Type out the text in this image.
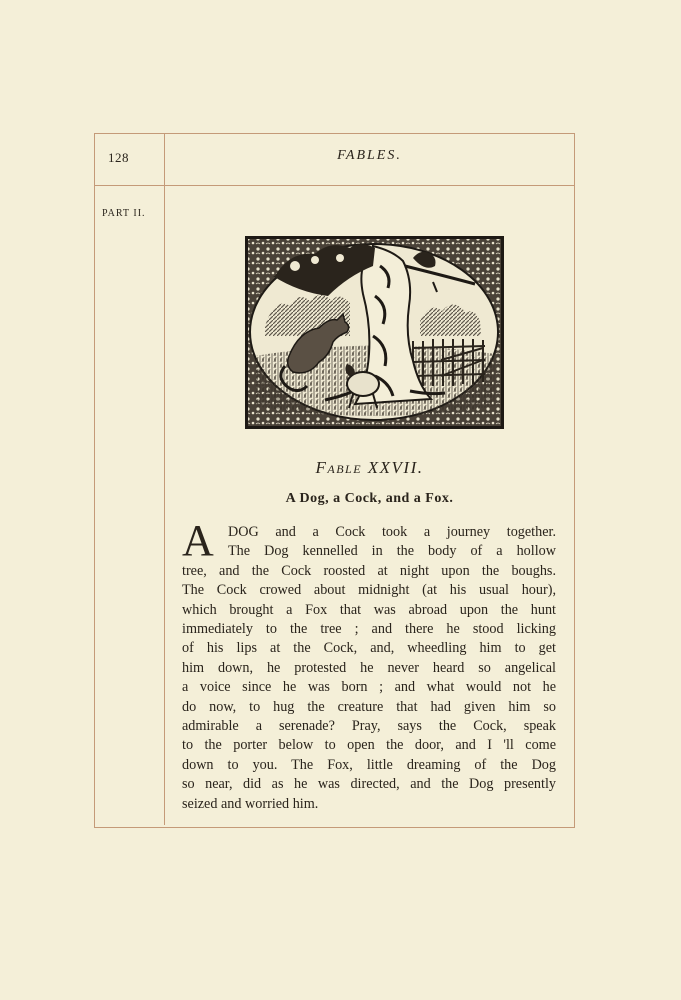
128	FABLES.
PART II.
FABLE XXVII.
A Dog, a Cock, and a Fox.
A	DOG and a Cock took a journey together.
The Dog kennelled in the body of a hollow
tree, and the Cock roosted at night upon the boughs.
The Cock crowed about midnight (at his usual hour),
which brought a Fox that was abroad upon the hunt
immediately to the tree ; and there he stood licking
of his lips at the Cock, and, wheedling him to get
him down, he protested he never heard so angelical
a voice since he was born ; and what would not he
do now, to hug the creature that had given him so
admirable a serenade? Pray, says the Cock, speak
to the porter below to open the door, and I 'll come
down to you. The Fox, little dreaming of the Dog
so near, did as he was directed, and the Dog presently
seized and worried him.
